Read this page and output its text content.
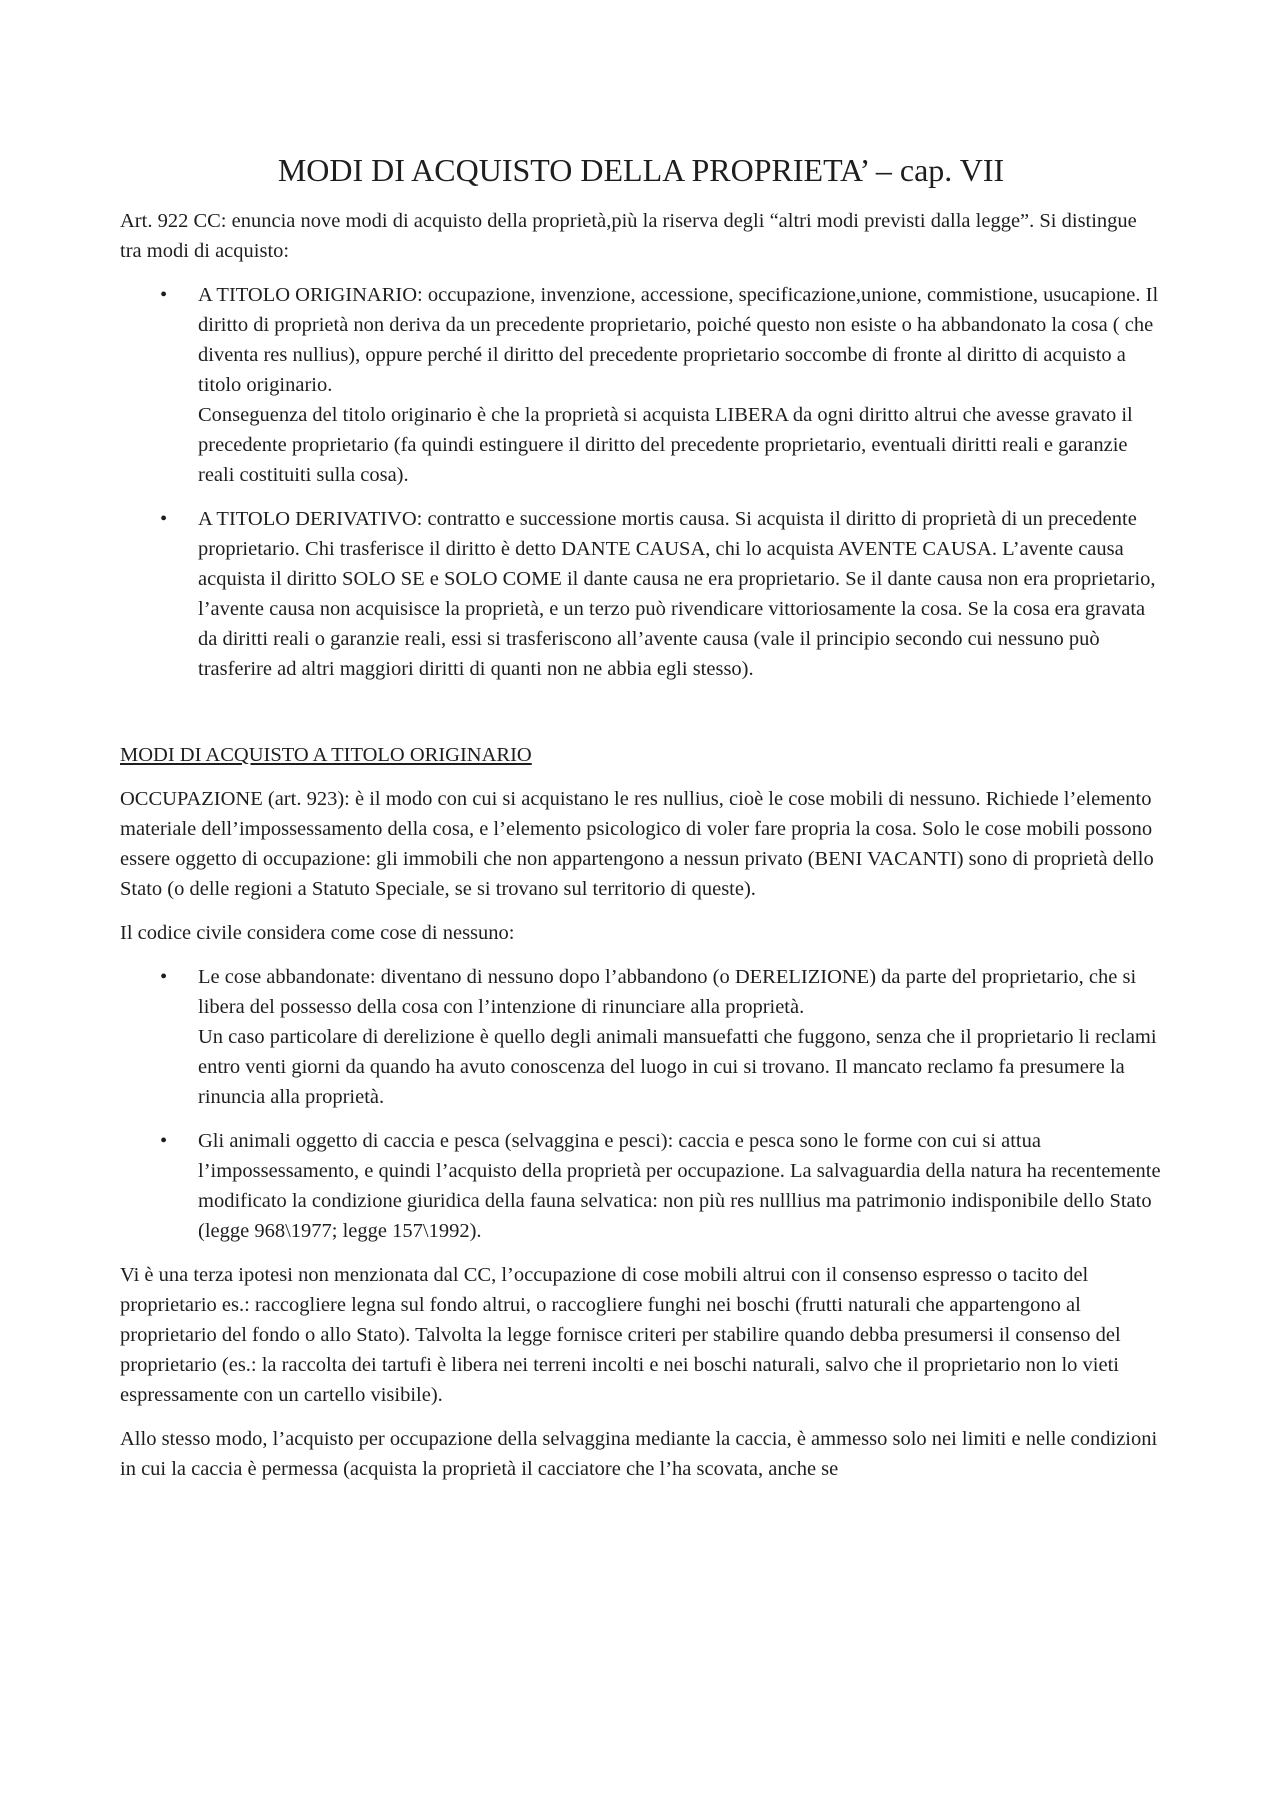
MODI DI ACQUISTO DELLA PROPRIETA’ – cap. VII

Art. 922 CC: enuncia nove modi di acquisto della proprietà,più la riserva degli “altri modi previsti dalla legge”. Si distingue tra modi di acquisto:

• A TITOLO ORIGINARIO: occupazione, invenzione, accessione, specificazione,unione, commistione, usucapione. Il diritto di proprietà non deriva da un precedente proprietario, poiché questo non esiste o ha abbandonato la cosa ( che diventa res nullius), oppure perché il diritto del precedente proprietario soccombe di fronte al diritto di acquisto a titolo originario.
Conseguenza del titolo originario è che la proprietà si acquista LIBERA da ogni diritto altrui che avesse gravato il precedente proprietario (fa quindi estinguere il diritto del precedente proprietario, eventuali diritti reali e garanzie reali costituiti sulla cosa).
• A TITOLO DERIVATIVO: contratto e successione mortis causa. Si acquista il diritto di proprietà di un precedente proprietario. Chi trasferisce il diritto è detto DANTE CAUSA, chi lo acquista AVENTE CAUSA. L’avente causa acquista il diritto SOLO SE e SOLO COME il dante causa ne era proprietario. Se il dante causa non era proprietario, l’avente causa non acquisisce la proprietà, e un terzo può rivendicare vittoriosamente la cosa. Se la cosa era gravata da diritti reali o garanzie reali, essi si trasferiscono all’avente causa (vale il principio secondo cui nessuno può trasferire ad altri maggiori diritti di quanti non ne abbia egli stesso).

MODI DI ACQUISTO A TITOLO ORIGINARIO

OCCUPAZIONE (art. 923): è il modo con cui si acquistano le res nullius, cioè le cose mobili di nessuno. Richiede l’elemento materiale dell’impossessamento della cosa, e l’elemento psicologico di voler fare propria la cosa. Solo le cose mobili possono essere oggetto di occupazione: gli immobili che non appartengono a nessun privato (BENI VACANTI) sono di proprietà dello Stato (o delle regioni a Statuto Speciale, se si trovano sul territorio di queste).

Il codice civile considera come cose di nessuno:

• Le cose abbandonate: diventano di nessuno dopo l’abbandono (o DERELIZIONE) da parte del proprietario, che si libera del possesso della cosa con l’intenzione di rinunciare alla proprietà.
Un caso particolare di derelizione è quello degli animali mansuefatti che fuggono, senza che il proprietario li reclami entro venti giorni da quando ha avuto conoscenza del luogo in cui si trovano. Il mancato reclamo fa presumere la rinuncia alla proprietà.
• Gli animali oggetto di caccia e pesca (selvaggina e pesci): caccia e pesca sono le forme con cui si attua l’impossessamento, e quindi l’acquisto della proprietà per occupazione. La salvaguardia della natura ha recentemente modificato la condizione giuridica della fauna selvatica: non più res nulllius ma patrimonio indisponibile dello Stato (legge 968\1977; legge 157\1992).

Vi è una terza ipotesi non menzionata dal CC, l’occupazione di cose mobili altrui con il consenso espresso o tacito del proprietario es.: raccogliere legna sul fondo altrui, o raccogliere funghi nei boschi (frutti naturali che appartengono al proprietario del fondo o allo Stato). Talvolta la legge fornisce criteri per stabilire quando debba presumersi il consenso del proprietario (es.: la raccolta dei tartufi è libera nei terreni incolti e nei boschi naturali, salvo che il proprietario non lo vieti espressamente con un cartello visibile).

Allo stesso modo, l’acquisto per occupazione della selvaggina mediante la caccia, è ammesso solo nei limiti e nelle condizioni in cui la caccia è permessa (acquista la proprietà il cacciatore che l’ha scovata, anche se
